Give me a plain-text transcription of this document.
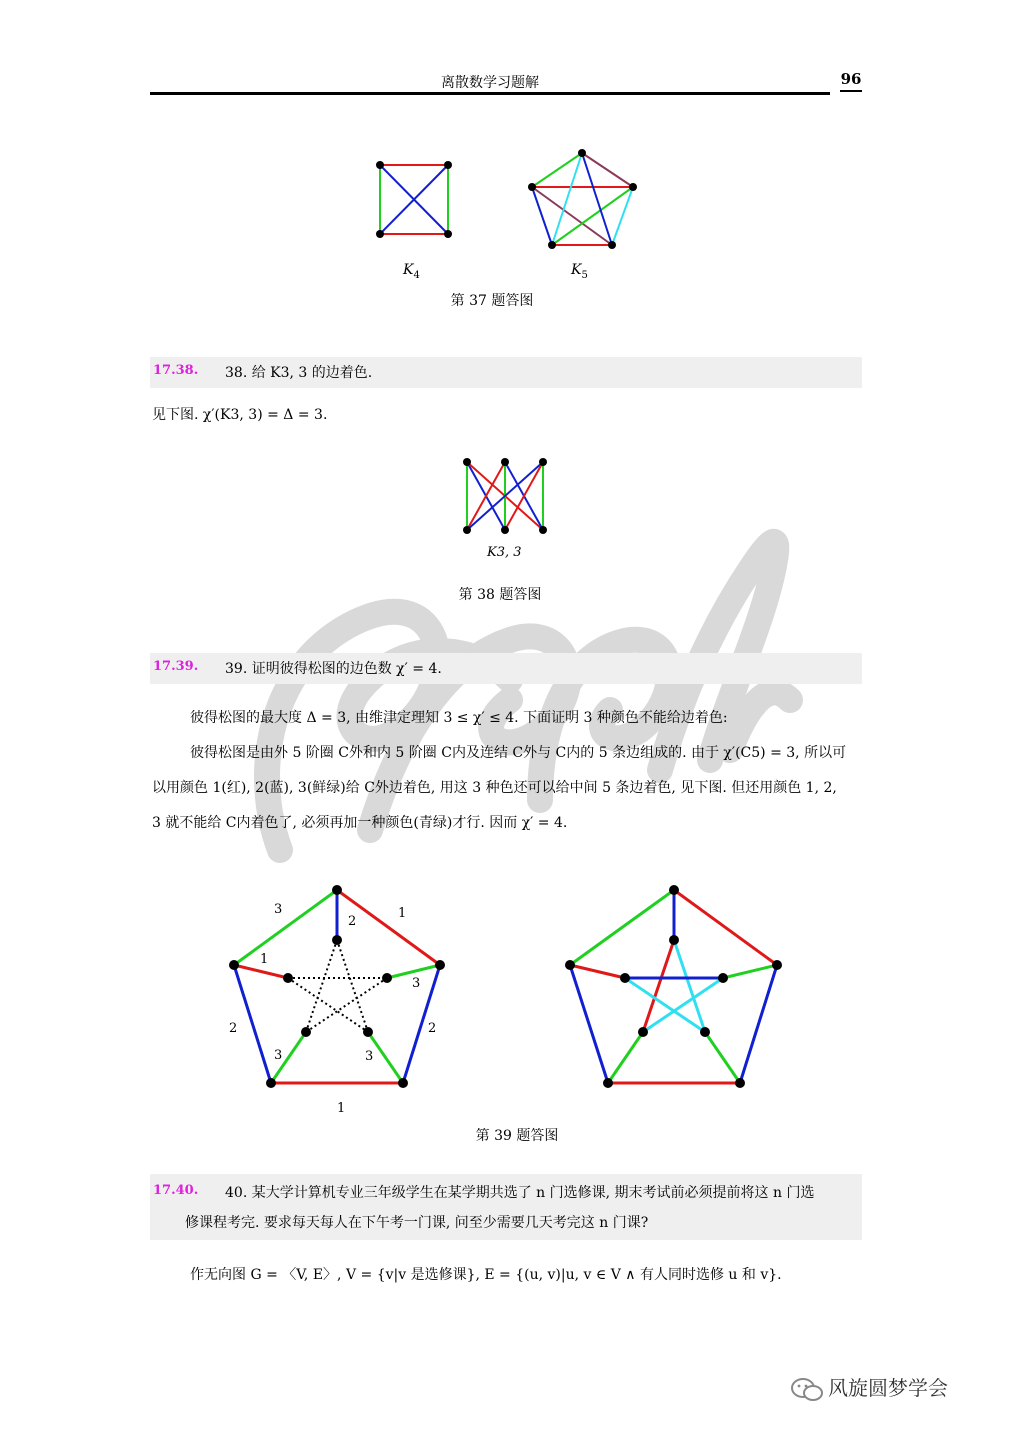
离散数学习题解	96
$K_4$	$K_5$
第 37 题答图
17.38. 38. 给 K3, 3 的边着色.
见下图. χ′(K3, 3) = Δ = 3.
K3, 3
第 38 题答图
17.39. 39. 证明彼得松图的边色数 χ′ = 4.
彼得松图的最大度 Δ = 3, 由维津定理知 3 ≤ χ′ ≤ 4. 下面证明 3 种颜色不能给边着色:
彼得松图是由外 5 阶圈 C外和内 5 阶圈 C内及连结 C外与 C内的 5 条边组成的. 由于 χ′(C5) = 3, 所以可
以用颜色 1(红), 2(蓝), 3(鲜绿)给 C外边着色, 用这 3 种色还可以给中间 5 条边着色, 见下图. 但还用颜色 1, 2,
3 就不能给 C内着色了, 必须再加一种颜色(青绿)才行. 因而 χ′ = 4.
3
2
1
1
3
2	2
3	3
1
第 39 题答图
17.40. 40. 某大学计算机专业三年级学生在某学期共选了 n 门选修课, 期末考试前必须提前将这 n 门选
修课程考完. 要求每天每人在下午考一门课, 问至少需要几天考完这 n 门课?
作无向图 G = 〈V, E〉, V = {v|v 是选修课}, E = {(u, v)|u, v ∈ V ∧ 有人同时选修 u 和 v}.
风旋圆梦学会
